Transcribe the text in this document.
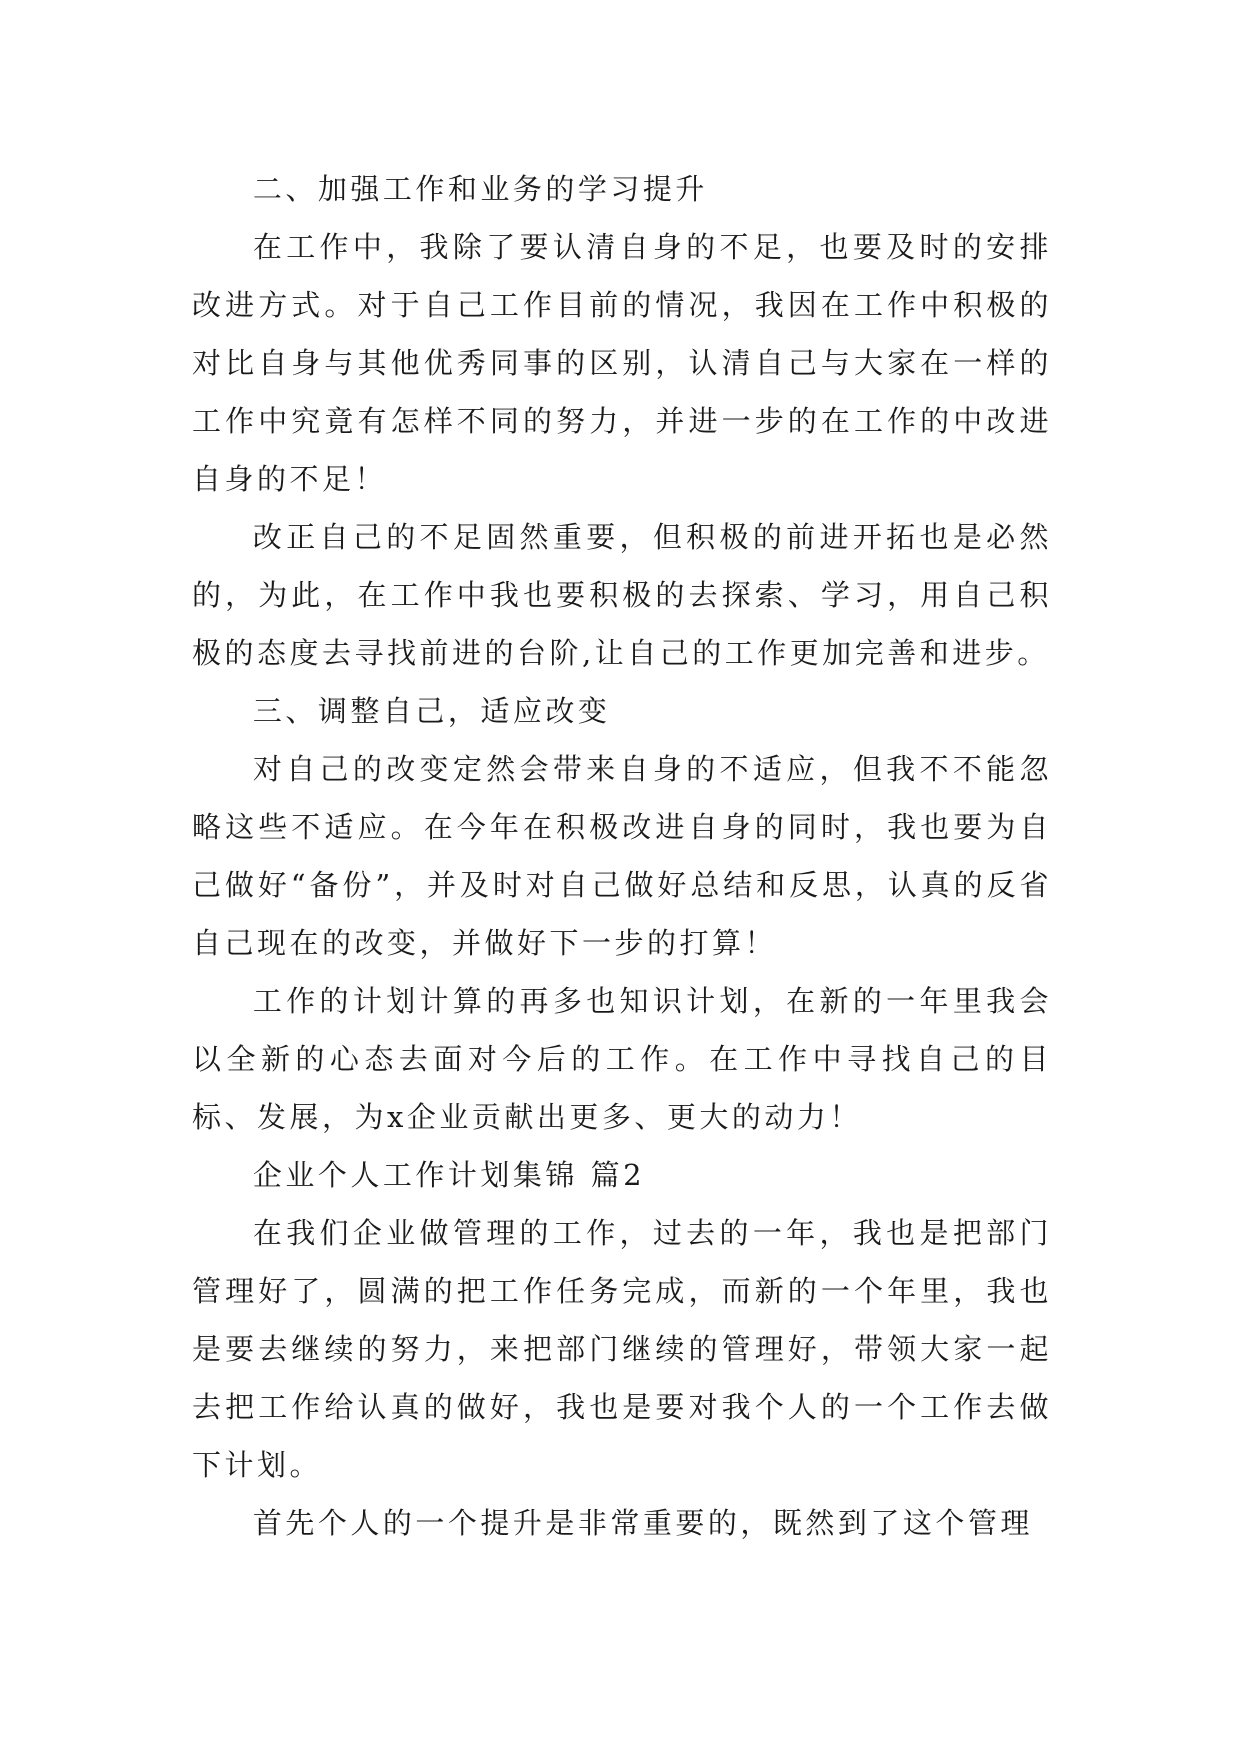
二、加强工作和业务的学习提升

在工作中，我除了要认清自身的不足，也要及时的安排改进方式。对于自己工作目前的情况，我因在工作中积极的对比自身与其他优秀同事的区别，认清自己与大家在一样的工作中究竟有怎样不同的努力，并进一步的在工作的中改进自身的不足！

改正自己的不足固然重要，但积极的前进开拓也是必然的，为此，在工作中我也要积极的去探索、学习，用自己积极的态度去寻找前进的台阶,让自己的工作更加完善和进步。

三、调整自己，适应改变

对自己的改变定然会带来自身的不适应，但我不不能忽略这些不适应。在今年在积极改进自身的同时，我也要为自己做好“备份”，并及时对自己做好总结和反思，认真的反省自己现在的改变，并做好下一步的打算！

工作的计划计算的再多也知识计划，在新的一年里我会以全新的心态去面对今后的工作。在工作中寻找自己的目标、发展，为x企业贡献出更多、更大的动力！

企业个人工作计划集锦 篇2

在我们企业做管理的工作，过去的一年，我也是把部门管理好了，圆满的把工作任务完成，而新的一个年里，我也是要去继续的努力，来把部门继续的管理好，带领大家一起去把工作给认真的做好，我也是要对我个人的一个工作去做下计划。

首先个人的一个提升是非常重要的，既然到了这个管理
